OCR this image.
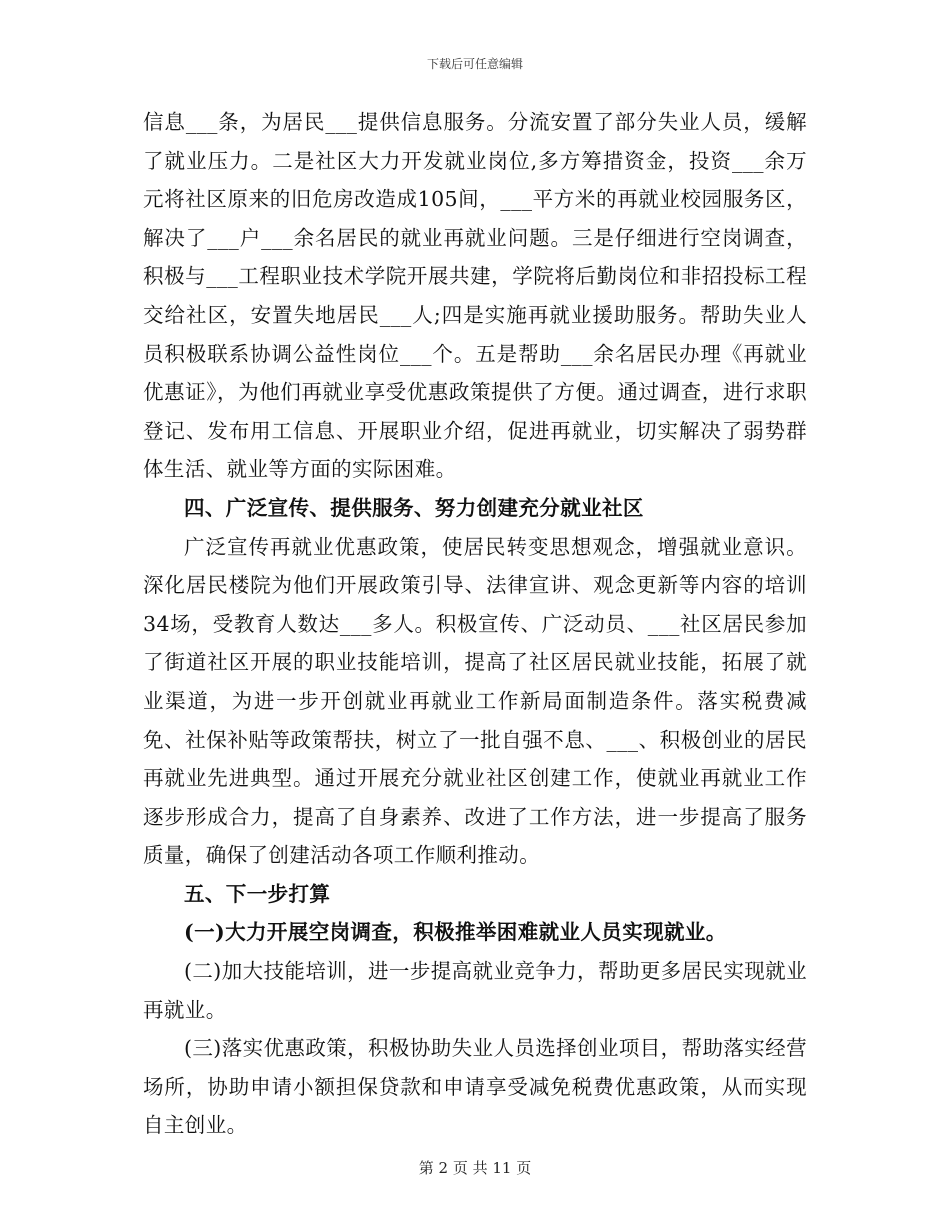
下载后可任意编辑

信息___条，为居民___提供信息服务。分流安置了部分失业人员，缓解了就业压力。二是社区大力开发就业岗位,多方筹措资金，投资___余万元将社区原来的旧危房改造成105间，___平方米的再就业校园服务区，解决了___户___余名居民的就业再就业问题。三是仔细进行空岗调查，积极与___工程职业技术学院开展共建，学院将后勤岗位和非招投标工程交给社区，安置失地居民___人;四是实施再就业援助服务。帮助失业人员积极联系协调公益性岗位___个。五是帮助___余名居民办理《再就业优惠证》，为他们再就业享受优惠政策提供了方便。通过调查，进行求职登记、发布用工信息、开展职业介绍，促进再就业，切实解决了弱势群体生活、就业等方面的实际困难。

四、广泛宣传、提供服务、努力创建充分就业社区

广泛宣传再就业优惠政策，使居民转变思想观念，增强就业意识。深化居民楼院为他们开展政策引导、法律宣讲、观念更新等内容的培训34场，受教育人数达___多人。积极宣传、广泛动员、___社区居民参加了街道社区开展的职业技能培训，提高了社区居民就业技能，拓展了就业渠道，为进一步开创就业再就业工作新局面制造条件。落实税费减免、社保补贴等政策帮扶，树立了一批自强不息、___、积极创业的居民再就业先进典型。通过开展充分就业社区创建工作，使就业再就业工作逐步形成合力，提高了自身素养、改进了工作方法，进一步提高了服务质量，确保了创建活动各项工作顺利推动。

五、下一步打算

(一)大力开展空岗调查，积极推举困难就业人员实现就业。

(二)加大技能培训，进一步提高就业竞争力，帮助更多居民实现就业再就业。

(三)落实优惠政策，积极协助失业人员选择创业项目，帮助落实经营场所，协助申请小额担保贷款和申请享受减免税费优惠政策，从而实现自主创业。

第 2 页 共 11 页
